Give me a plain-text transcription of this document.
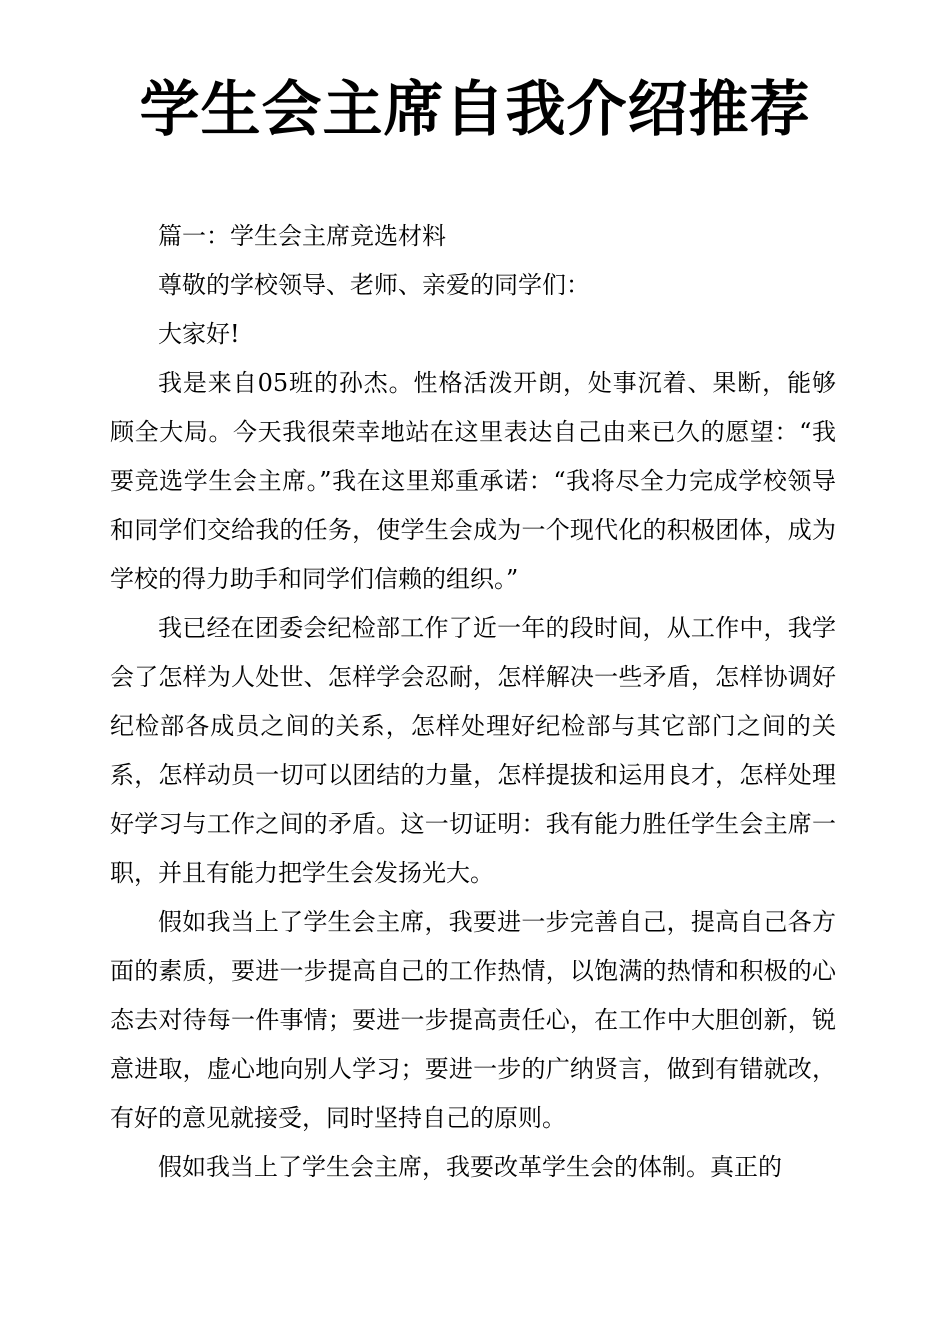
学生会主席自我介绍推荐

篇一：学生会主席竞选材料

尊敬的学校领导、老师、亲爱的同学们：

大家好!

我是来自05班的孙杰。性格活泼开朗，处事沉着、果断，能够顾全大局。今天我很荣幸地站在这里表达自己由来已久的愿望：“我要竞选学生会主席。”我在这里郑重承诺：“我将尽全力完成学校领导和同学们交给我的任务，使学生会成为一个现代化的积极团体，成为学校的得力助手和同学们信赖的组织。”

我已经在团委会纪检部工作了近一年的段时间，从工作中，我学会了怎样为人处世、怎样学会忍耐，怎样解决一些矛盾，怎样协调好纪检部各成员之间的关系，怎样处理好纪检部与其它部门之间的关系，怎样动员一切可以团结的力量，怎样提拔和运用良才，怎样处理好学习与工作之间的矛盾。这一切证明：我有能力胜任学生会主席一职，并且有能力把学生会发扬光大。

假如我当上了学生会主席，我要进一步完善自己，提高自己各方面的素质，要进一步提高自己的工作热情，以饱满的热情和积极的心态去对待每一件事情；要进一步提高责任心，在工作中大胆创新，锐意进取，虚心地向别人学习；要进一步的广纳贤言，做到有错就改，有好的意见就接受，同时坚持自己的原则。

假如我当上了学生会主席，我要改革学生会的体制。真正的
